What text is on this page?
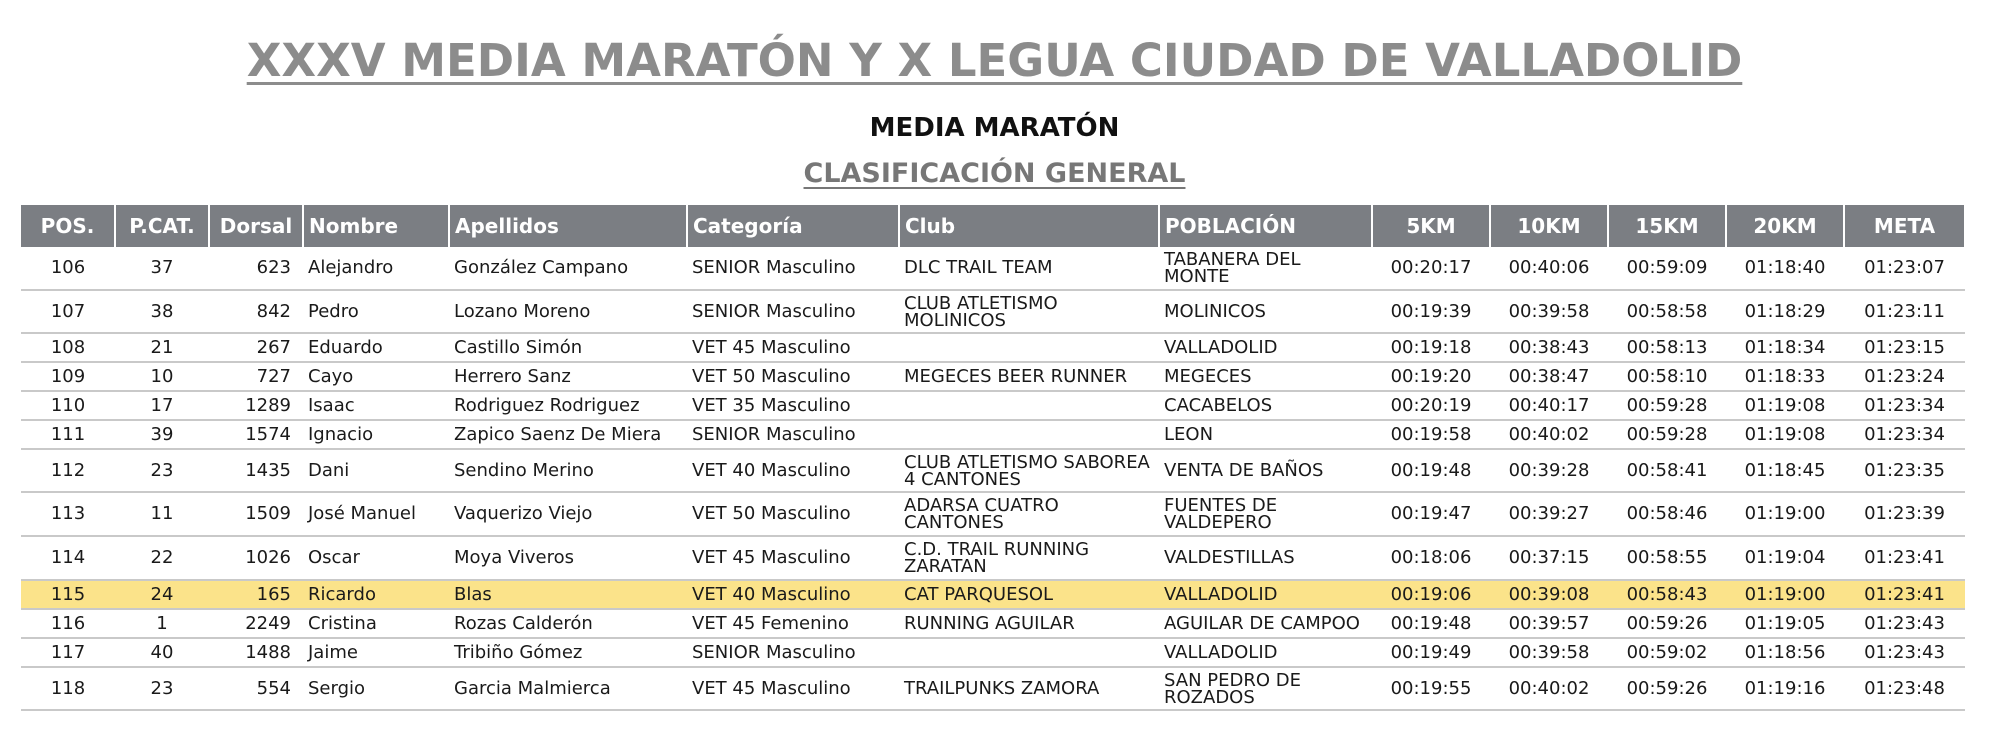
XXXV MEDIA MARATÓN Y X LEGUA CIUDAD DE VALLADOLID
MEDIA MARATÓN
CLASIFICACIÓN GENERAL
POS.	P.CAT.	Dorsal	Nombre	Apellidos	Categoría	Club	POBLACIÓN	5KM	10KM	15KM	20KM	META
106	37	623	Alejandro	González Campano	SENIOR Masculino	DLC TRAIL TEAM	TABANERA DEL MONTE	00:20:17	00:40:06	00:59:09	01:18:40	01:23:07
107	38	842	Pedro	Lozano Moreno	SENIOR Masculino	CLUB ATLETISMO MOLINICOS	MOLINICOS	00:19:39	00:39:58	00:58:58	01:18:29	01:23:11
108	21	267	Eduardo	Castillo Simón	VET 45 Masculino		VALLADOLID	00:19:18	00:38:43	00:58:13	01:18:34	01:23:15
109	10	727	Cayo	Herrero Sanz	VET 50 Masculino	MEGECES BEER RUNNER	MEGECES	00:19:20	00:38:47	00:58:10	01:18:33	01:23:24
110	17	1289	Isaac	Rodriguez Rodriguez	VET 35 Masculino		CACABELOS	00:20:19	00:40:17	00:59:28	01:19:08	01:23:34
111	39	1574	Ignacio	Zapico Saenz De Miera	SENIOR Masculino		LEON	00:19:58	00:40:02	00:59:28	01:19:08	01:23:34
112	23	1435	Dani	Sendino Merino	VET 40 Masculino	CLUB ATLETISMO SABOREA 4 CANTONES	VENTA DE BAÑOS	00:19:48	00:39:28	00:58:41	01:18:45	01:23:35
113	11	1509	José Manuel	Vaquerizo Viejo	VET 50 Masculino	ADARSA CUATRO CANTONES	FUENTES DE VALDEPERO	00:19:47	00:39:27	00:58:46	01:19:00	01:23:39
114	22	1026	Oscar	Moya Viveros	VET 45 Masculino	C.D. TRAIL RUNNING ZARATAN	VALDESTILLAS	00:18:06	00:37:15	00:58:55	01:19:04	01:23:41
115	24	165	Ricardo	Blas	VET 40 Masculino	CAT PARQUESOL	VALLADOLID	00:19:06	00:39:08	00:58:43	01:19:00	01:23:41
116	1	2249	Cristina	Rozas Calderón	VET 45 Femenino	RUNNING AGUILAR	AGUILAR DE CAMPOO	00:19:48	00:39:57	00:59:26	01:19:05	01:23:43
117	40	1488	Jaime	Tribiño Gómez	SENIOR Masculino		VALLADOLID	00:19:49	00:39:58	00:59:02	01:18:56	01:23:43
118	23	554	Sergio	Garcia Malmierca	VET 45 Masculino	TRAILPUNKS ZAMORA	SAN PEDRO DE ROZADOS	00:19:55	00:40:02	00:59:26	01:19:16	01:23:48
